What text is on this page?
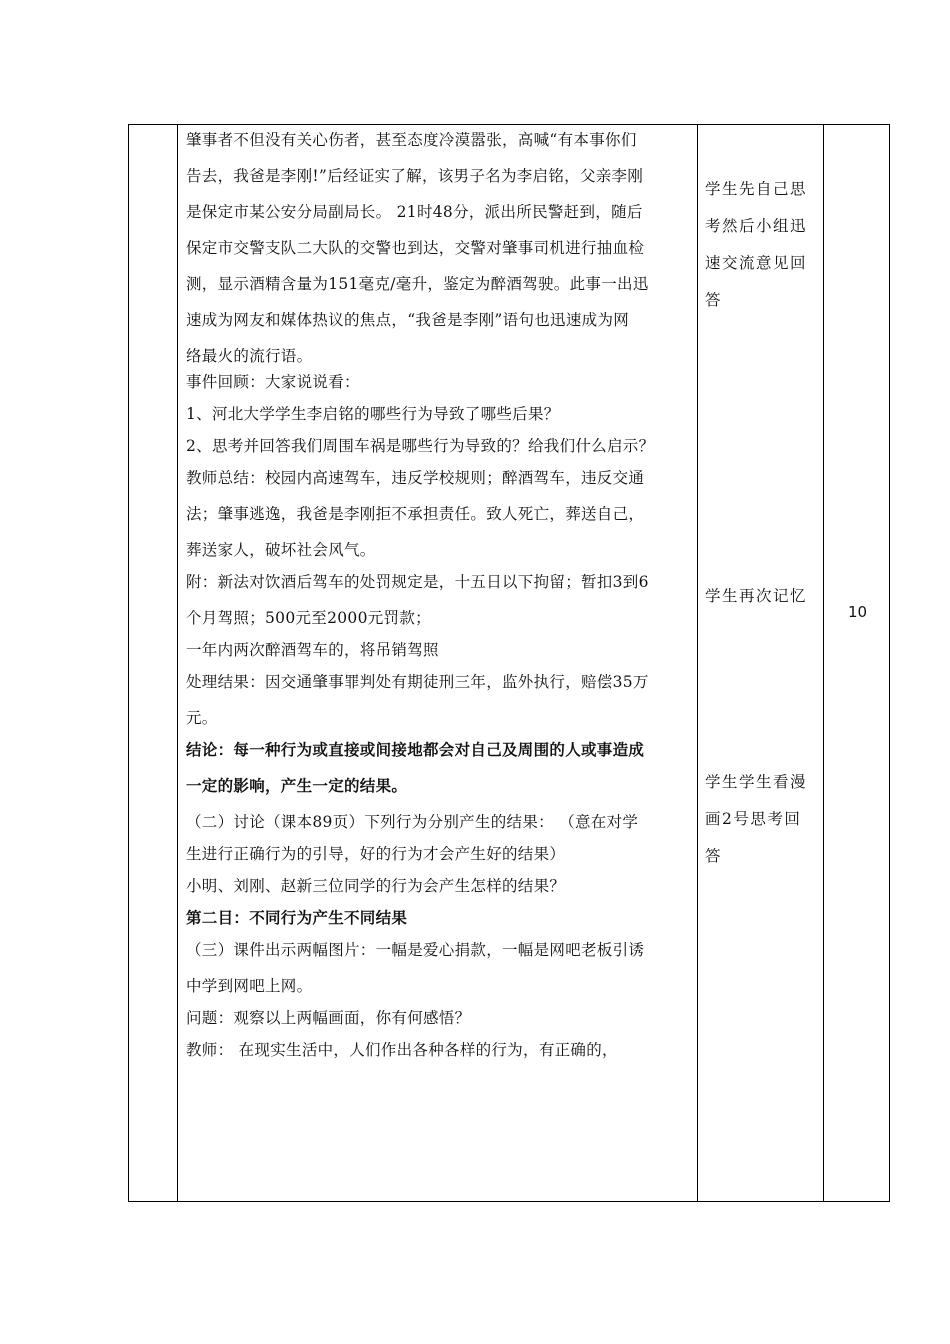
肇事者不但没有关心伤者，甚至态度冷漠嚣张，高喊“有本事你们
告去，我爸是李刚!”后经证实了解，该男子名为李启铭，父亲李刚
是保定市某公安分局副局长。 21时48分，派出所民警赶到，随后
保定市交警支队二大队的交警也到达，交警对肇事司机进行抽血检
测，显示酒精含量为151毫克/毫升，鉴定为醉酒驾驶。此事一出迅
速成为网友和媒体热议的焦点，“我爸是李刚”语句也迅速成为网
络最火的流行语。
事件回顾：大家说说看：
1、河北大学学生李启铭的哪些行为导致了哪些后果？
2、思考并回答我们周围车祸是哪些行为导致的？给我们什么启示？
教师总结：校园内高速驾车，违反学校规则；醉酒驾车，违反交通
法；肇事逃逸，我爸是李刚拒不承担责任。致人死亡，葬送自己，
葬送家人，破坏社会风气。
附：新法对饮酒后驾车的处罚规定是，十五日以下拘留；暂扣3到6
个月驾照；500元至2000元罚款；
一年内两次醉酒驾车的，将吊销驾照
处理结果：因交通肇事罪判处有期徒刑三年，监外执行，赔偿35万
元。
结论：每一种行为或直接或间接地都会对自己及周围的人或事造成
一定的影响，产生一定的结果。
（二）讨论（课本89页）下列行为分别产生的结果： （意在对学
生进行正确行为的引导，好的行为才会产生好的结果）
小明、刘刚、赵新三位同学的行为会产生怎样的结果？
第二目：不同行为产生不同结果
（三）课件出示两幅图片：一幅是爱心捐款，一幅是网吧老板引诱
中学到网吧上网。
问题：观察以上两幅画面，你有何感悟？
教师： 在现实生活中，人们作出各种各样的行为，有正确的，
学生先自己思
考然后小组迅
速交流意见回
答
学生再次记忆
学生学生看漫
画2号思考回
答
10
